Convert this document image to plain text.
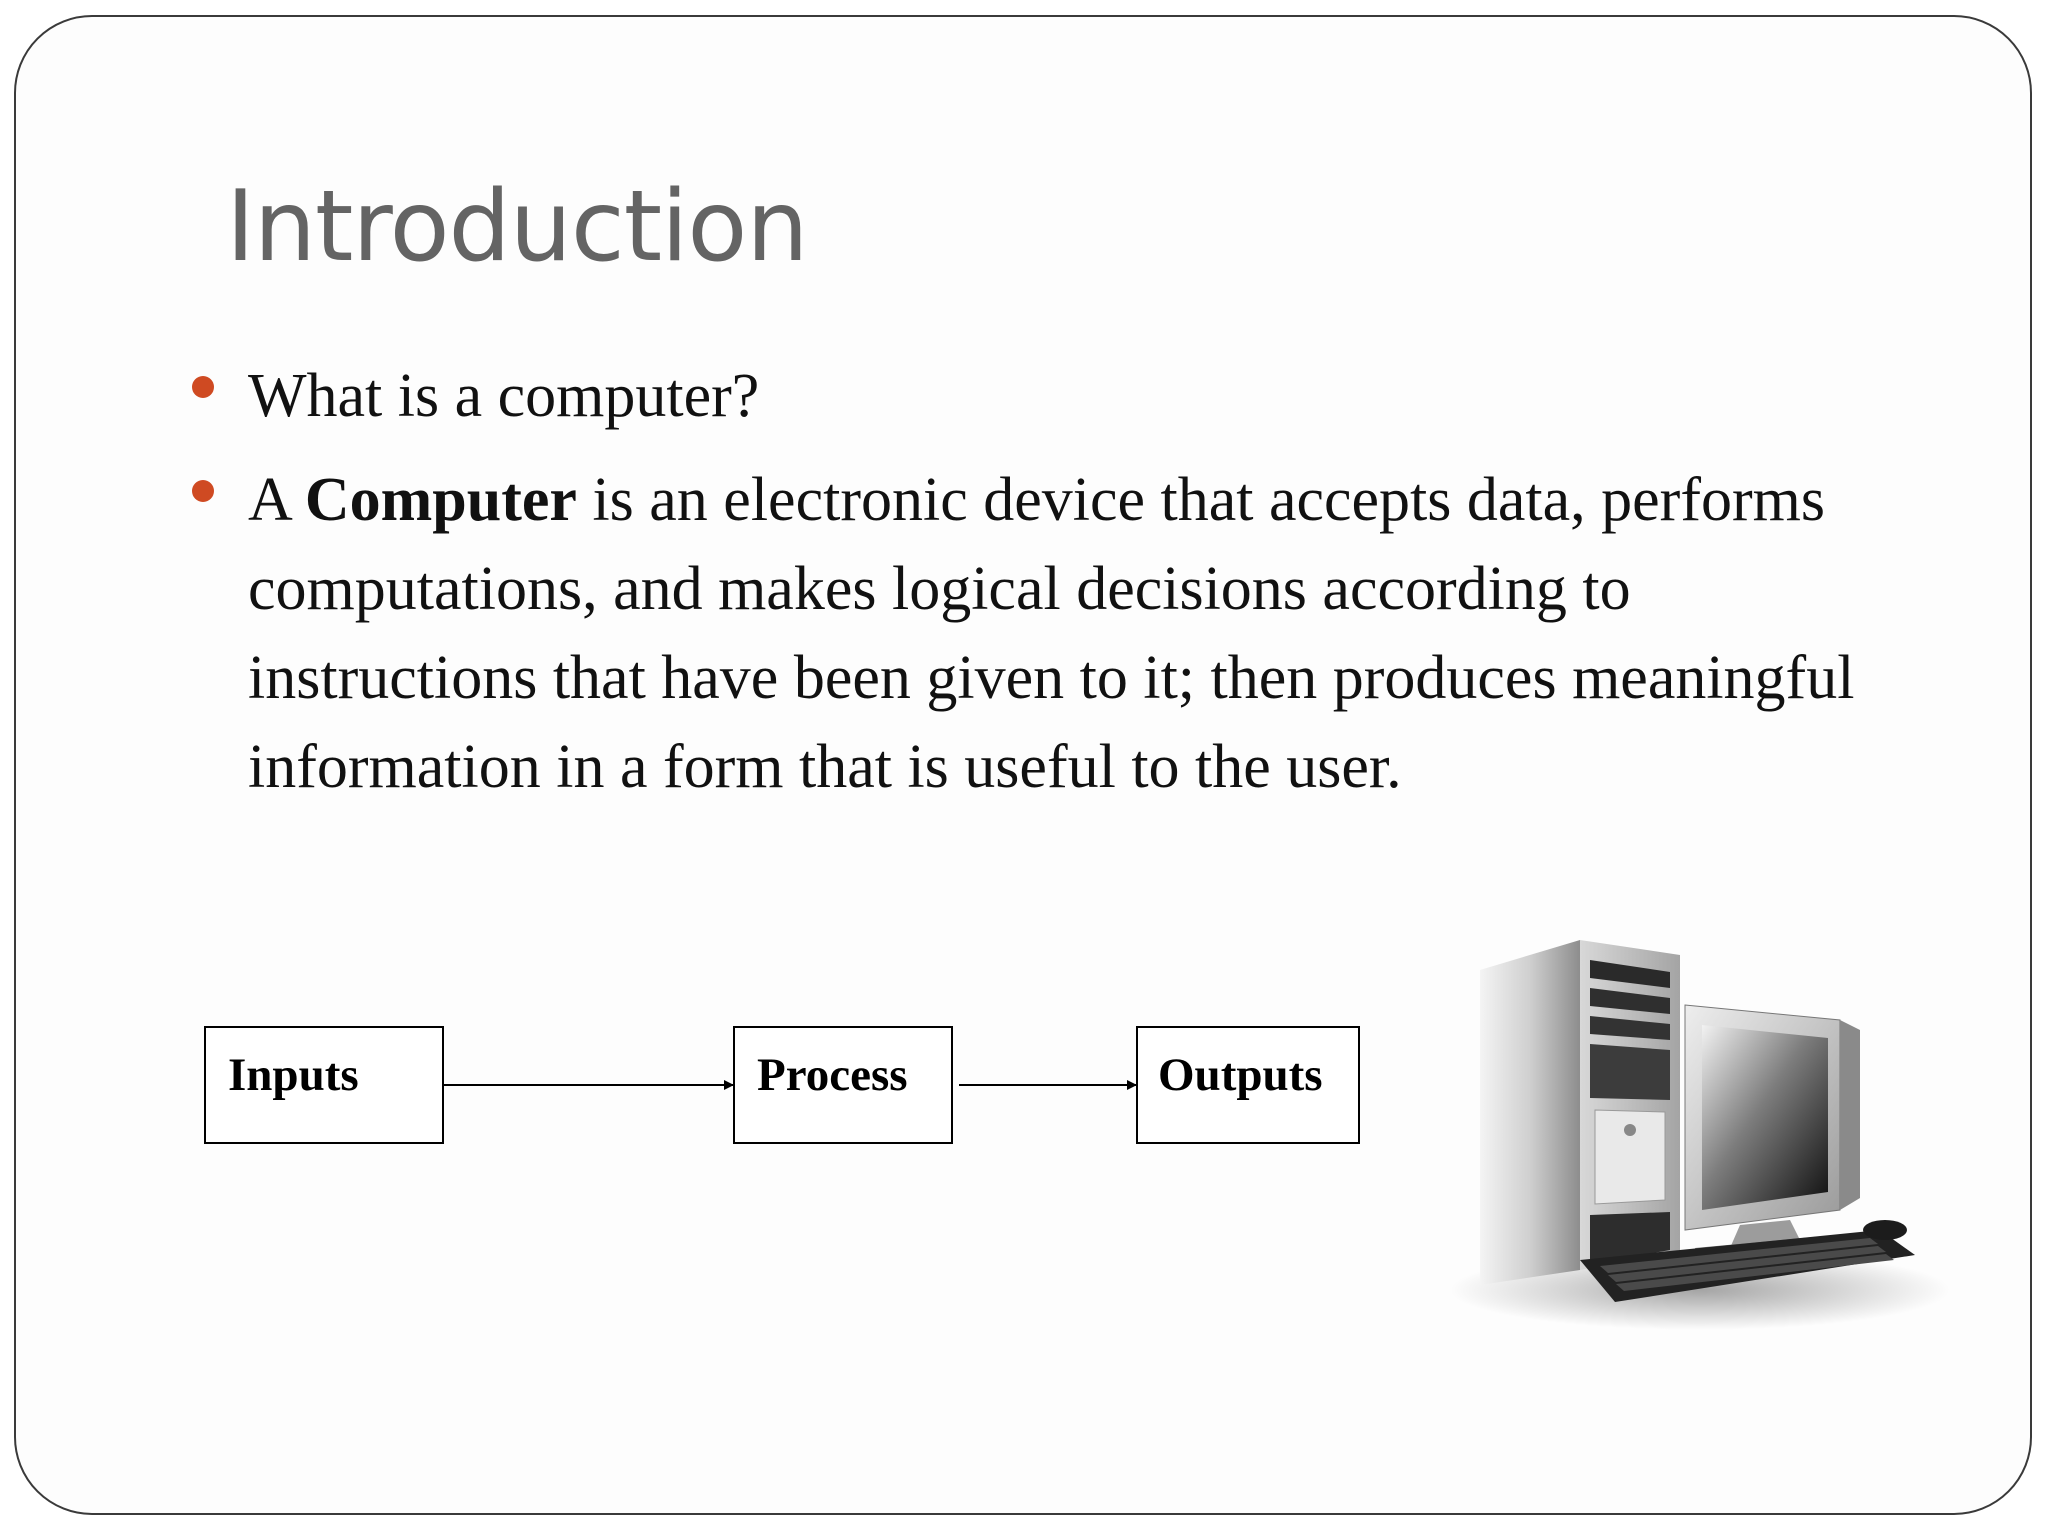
Introduction
What is a computer?
A Computer is an electronic device that accepts data, performs computations, and makes logical decisions according to instructions that have been given to it; then produces meaningful information in a form that is useful to the user.
Inputs	Process	Outputs
